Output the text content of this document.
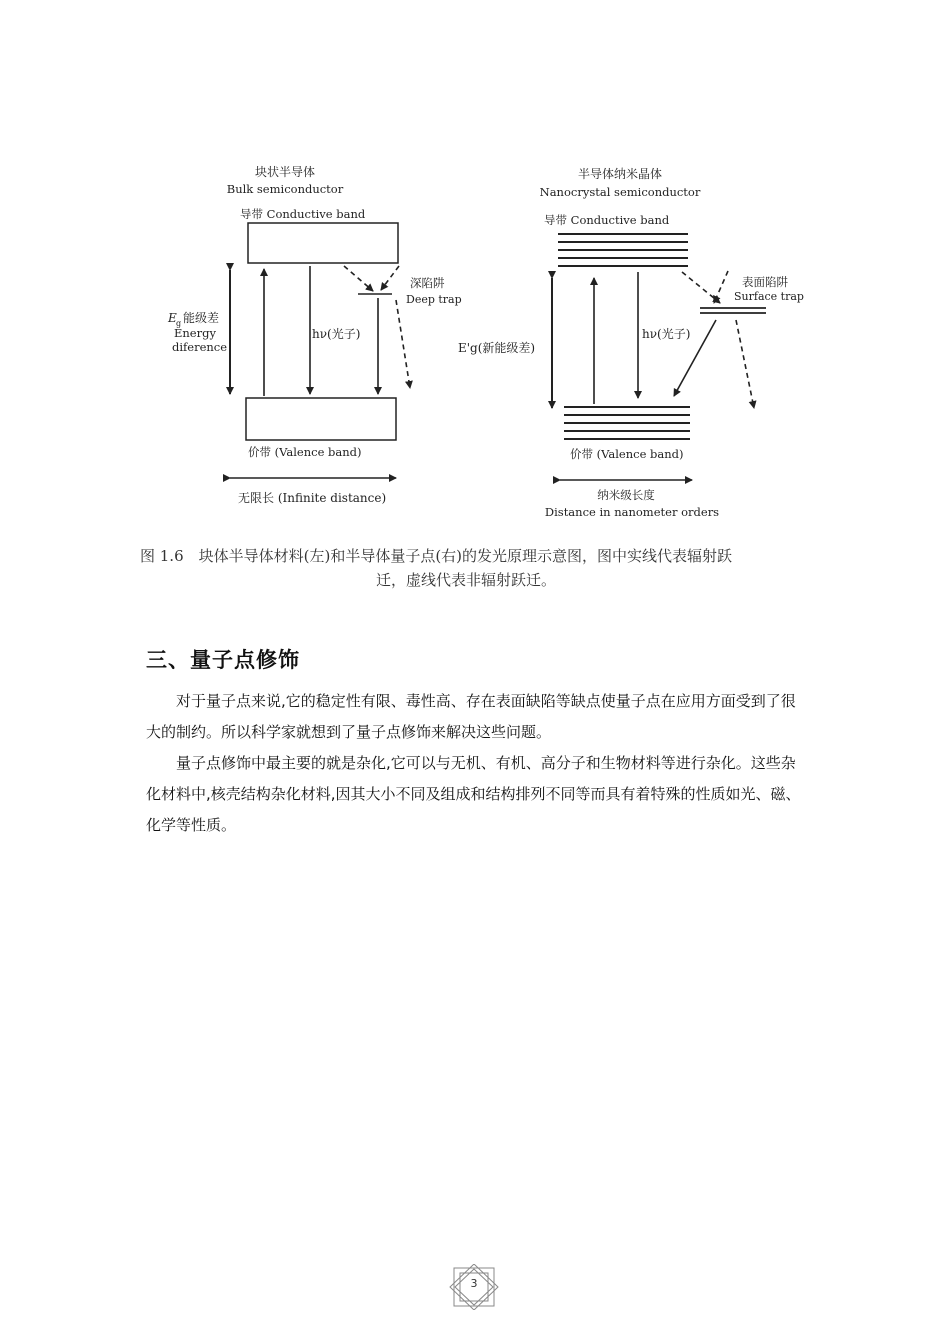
块状半导体
Bulk semiconductor
导带 Conductive band
E g 能级差
Energy
diference
hν(光子)
深陷阱
Deep trap
价带 (Valence band)
无限长 (Infinite distance)
半导体纳米晶体
Nanocrystal semiconductor
导带 Conductive band
E'g(新能级差)
hν(光子)
表面陷阱
Surface trap
价带 (Valence band)
纳米级长度
Distance in nanometer orders
图 1.6　块体半导体材料(左)和半导体量子点(右)的发光原理示意图，图中实线代表辐射跃
迁，虚线代表非辐射跃迁。
三、量子点修饰

对于量子点来说,它的稳定性有限、毒性高、存在表面缺陷等缺点使量子点在应用方面受到了很大的制约。所以科学家就想到了量子点修饰来解决这些问题。

量子点修饰中最主要的就是杂化,它可以与无机、有机、高分子和生物材料等进行杂化。这些杂化材料中,核壳结构杂化材料,因其大小不同及组成和结构排列不同等而具有着特殊的性质如光、磁、化学等性质。

3
